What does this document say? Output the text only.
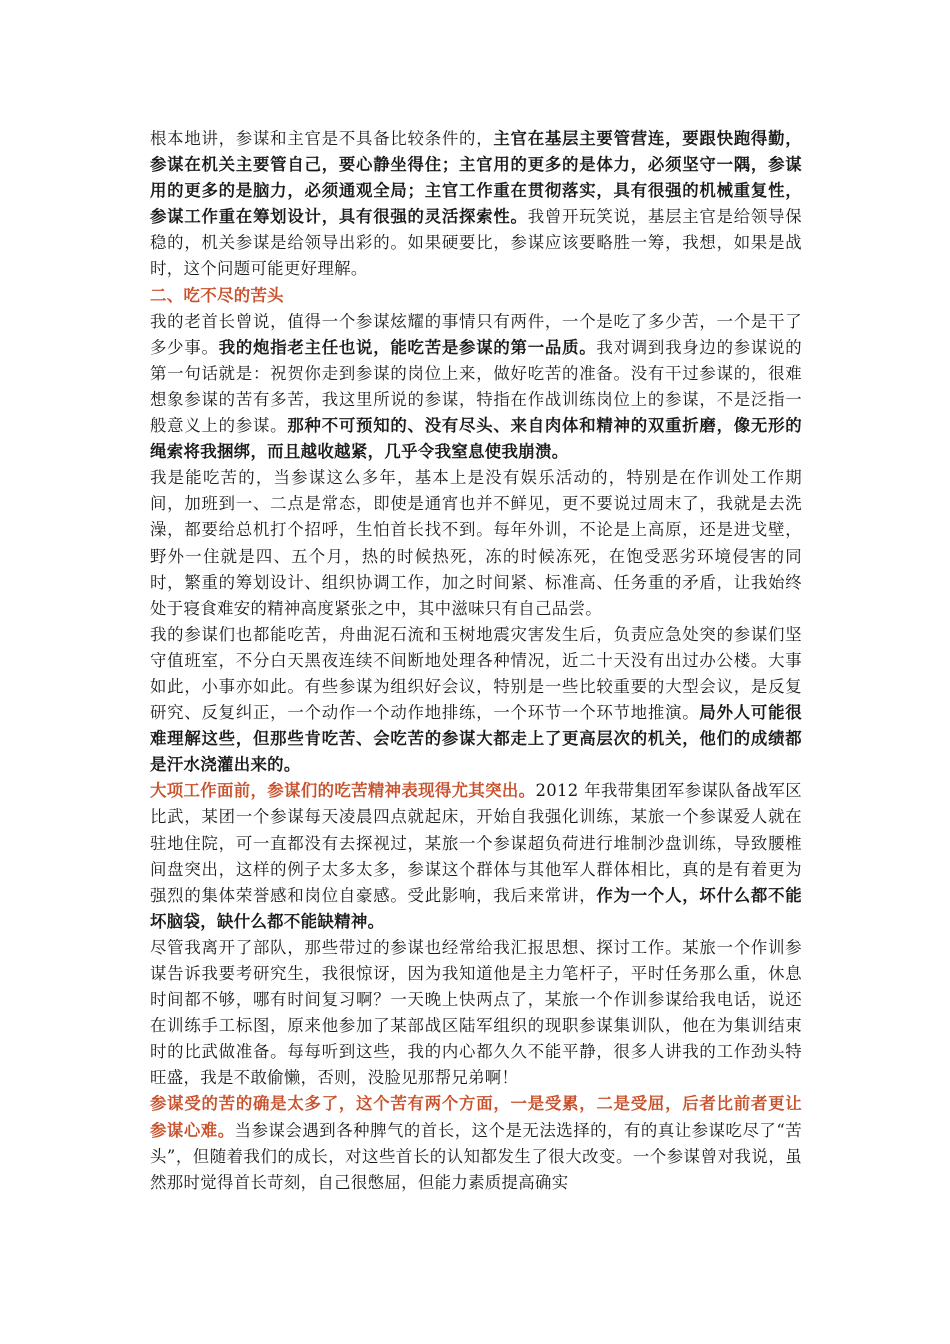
根本地讲，参谋和主官是不具备比较条件的，主官在基层主要管营连，要跟快跑得勤，参谋在机关主要管自己，要心静坐得住；主官用的更多的是体力，必须坚守一隅，参谋用的更多的是脑力，必须通观全局；主官工作重在贯彻落实，具有很强的机械重复性，参谋工作重在筹划设计，具有很强的灵活探索性。我曾开玩笑说，基层主官是给领导保稳的，机关参谋是给领导出彩的。如果硬要比，参谋应该要略胜一筹，我想，如果是战时，这个问题可能更好理解。

二、吃不尽的苦头

我的老首长曾说，值得一个参谋炫耀的事情只有两件，一个是吃了多少苦，一个是干了多少事。我的炮指老主任也说，能吃苦是参谋的第一品质。我对调到我身边的参谋说的第一句话就是：祝贺你走到参谋的岗位上来，做好吃苦的准备。没有干过参谋的，很难想象参谋的苦有多苦，我这里所说的参谋，特指在作战训练岗位上的参谋，不是泛指一般意义上的参谋。那种不可预知的、没有尽头、来自肉体和精神的双重折磨，像无形的绳索将我捆绑，而且越收越紧，几乎令我窒息使我崩溃。

我是能吃苦的，当参谋这么多年，基本上是没有娱乐活动的，特别是在作训处工作期间，加班到一、二点是常态，即使是通宵也并不鲜见，更不要说过周末了，我就是去洗澡，都要给总机打个招呼，生怕首长找不到。每年外训，不论是上高原，还是进戈壁，野外一住就是四、五个月，热的时候热死，冻的时候冻死，在饱受恶劣环境侵害的同时，繁重的筹划设计、组织协调工作，加之时间紧、标准高、任务重的矛盾，让我始终处于寝食难安的精神高度紧张之中，其中滋味只有自己品尝。

我的参谋们也都能吃苦，舟曲泥石流和玉树地震灾害发生后，负责应急处突的参谋们坚守值班室，不分白天黑夜连续不间断地处理各种情况，近二十天没有出过办公楼。大事如此，小事亦如此。有些参谋为组织好会议，特别是一些比较重要的大型会议，是反复研究、反复纠正，一个动作一个动作地排练，一个环节一个环节地推演。局外人可能很难理解这些，但那些肯吃苦、会吃苦的参谋大都走上了更高层次的机关，他们的成绩都是汗水浇灌出来的。

大项工作面前，参谋们的吃苦精神表现得尤其突出。2012 年我带集团军参谋队备战军区比武，某团一个参谋每天凌晨四点就起床，开始自我强化训练，某旅一个参谋爱人就在驻地住院，可一直都没有去探视过，某旅一个参谋超负荷进行堆制沙盘训练，导致腰椎间盘突出，这样的例子太多太多，参谋这个群体与其他军人群体相比，真的是有着更为强烈的集体荣誉感和岗位自豪感。受此影响，我后来常讲，作为一个人，坏什么都不能坏脑袋，缺什么都不能缺精神。

尽管我离开了部队，那些带过的参谋也经常给我汇报思想、探讨工作。某旅一个作训参谋告诉我要考研究生，我很惊讶，因为我知道他是主力笔杆子，平时任务那么重，休息时间都不够，哪有时间复习啊？一天晚上快两点了，某旅一个作训参谋给我电话，说还在训练手工标图，原来他参加了某部战区陆军组织的现职参谋集训队，他在为集训结束时的比武做准备。每每听到这些，我的内心都久久不能平静，很多人讲我的工作劲头特旺盛，我是不敢偷懒，否则，没脸见那帮兄弟啊！

参谋受的苦的确是太多了，这个苦有两个方面，一是受累，二是受屈，后者比前者更让参谋心难。当参谋会遇到各种脾气的首长，这个是无法选择的，有的真让参谋吃尽了“苦头”，但随着我们的成长，对这些首长的认知都发生了很大改变。一个参谋曾对我说，虽然那时觉得首长苛刻，自己很憋屈，但能力素质提高确实
